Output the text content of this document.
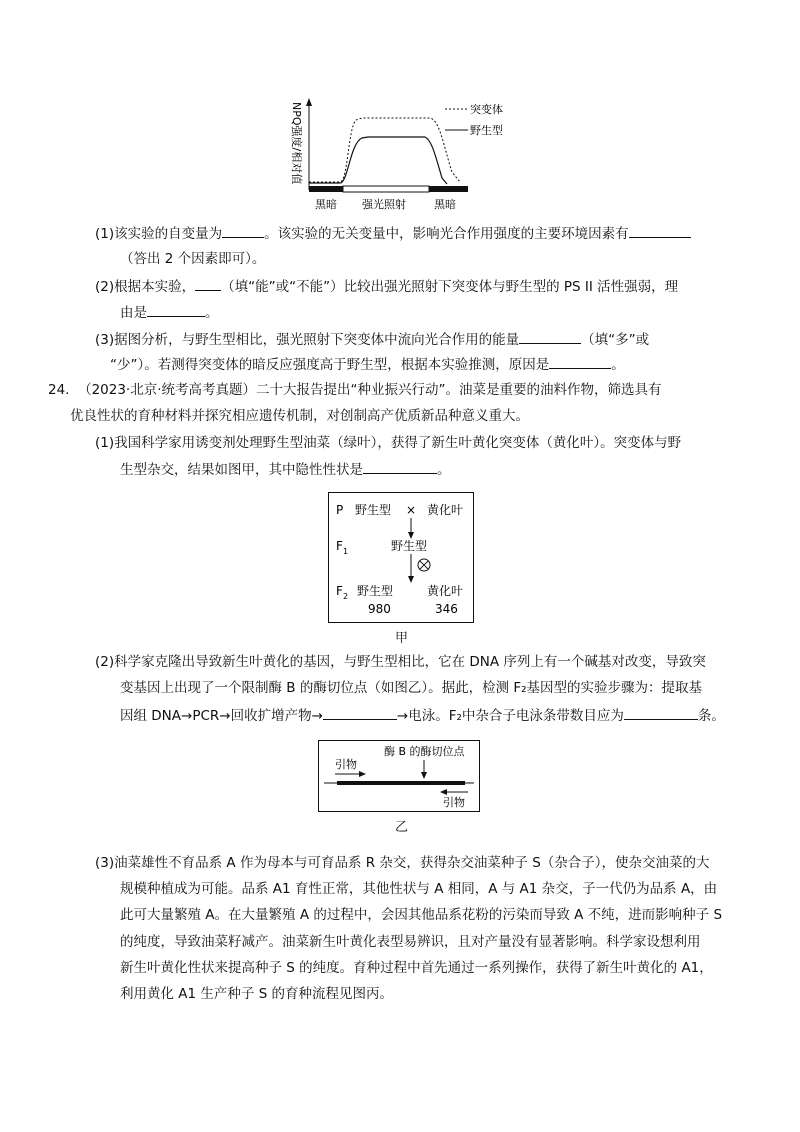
NPQ强度/相对值	突变体
野生型
黑暗 强光照射	黑暗
(1)该实验的自变量为	。该实验的无关变量中，影响光合作用强度的主要环境因素有
（答出 2 个因素即可）。
(2)根据本实验， （填“能”或“不能”）比较出强光照射下突变体与野生型的 PS II 活性强弱，理
由是	。
(3)据图分析，与野生型相比，强光照射下突变体中流向光合作用的能量	（填“多”或
“少”）。若测得突变体的暗反应强度高于野生型，根据本实验推测，原因是	。
24. （2023·北京·统考高考真题）二十大报告提出“种业振兴行动”。油菜是重要的油料作物，筛选具有
优良性状的育种材料并探究相应遗传机制，对创制高产优质新品种意义重大。
(1)我国科学家用诱变剂处理野生型油菜（绿叶），获得了新生叶黄化突变体（黄化叶）。突变体与野
生型杂交，结果如图甲，其中隐性性状是	。
P 野生型 × 黄化叶
F 1	野生型
F 2 野生型	黄化叶
980	346
甲
(2)科学家克隆出导致新生叶黄化的基因，与野生型相比，它在 DNA 序列上有一个碱基对改变，导致突
变基因上出现了一个限制酶 B 的酶切位点（如图乙）。据此，检测 F₂基因型的实验步骤为：提取基
因组 DNA→PCR→回收扩增产物→	→电泳。F₂中杂合子电泳条带数目应为	条。
酶 B 的酶切位点
引物
引物
乙
(3)油菜雄性不育品系 A 作为母本与可育品系 R 杂交，获得杂交油菜种子 S（杂合子），使杂交油菜的大
规模种植成为可能。品系 A1 育性正常，其他性状与 A 相同，A 与 A1 杂交，子一代仍为品系 A，由
此可大量繁殖 A。在大量繁殖 A 的过程中，会因其他品系花粉的污染而导致 A 不纯，进而影响种子 S
的纯度，导致油菜籽减产。油菜新生叶黄化表型易辨识，且对产量没有显著影响。科学家设想利用
新生叶黄化性状来提高种子 S 的纯度。育种过程中首先通过一系列操作，获得了新生叶黄化的 A1，
利用黄化 A1 生产种子 S 的育种流程见图丙。
